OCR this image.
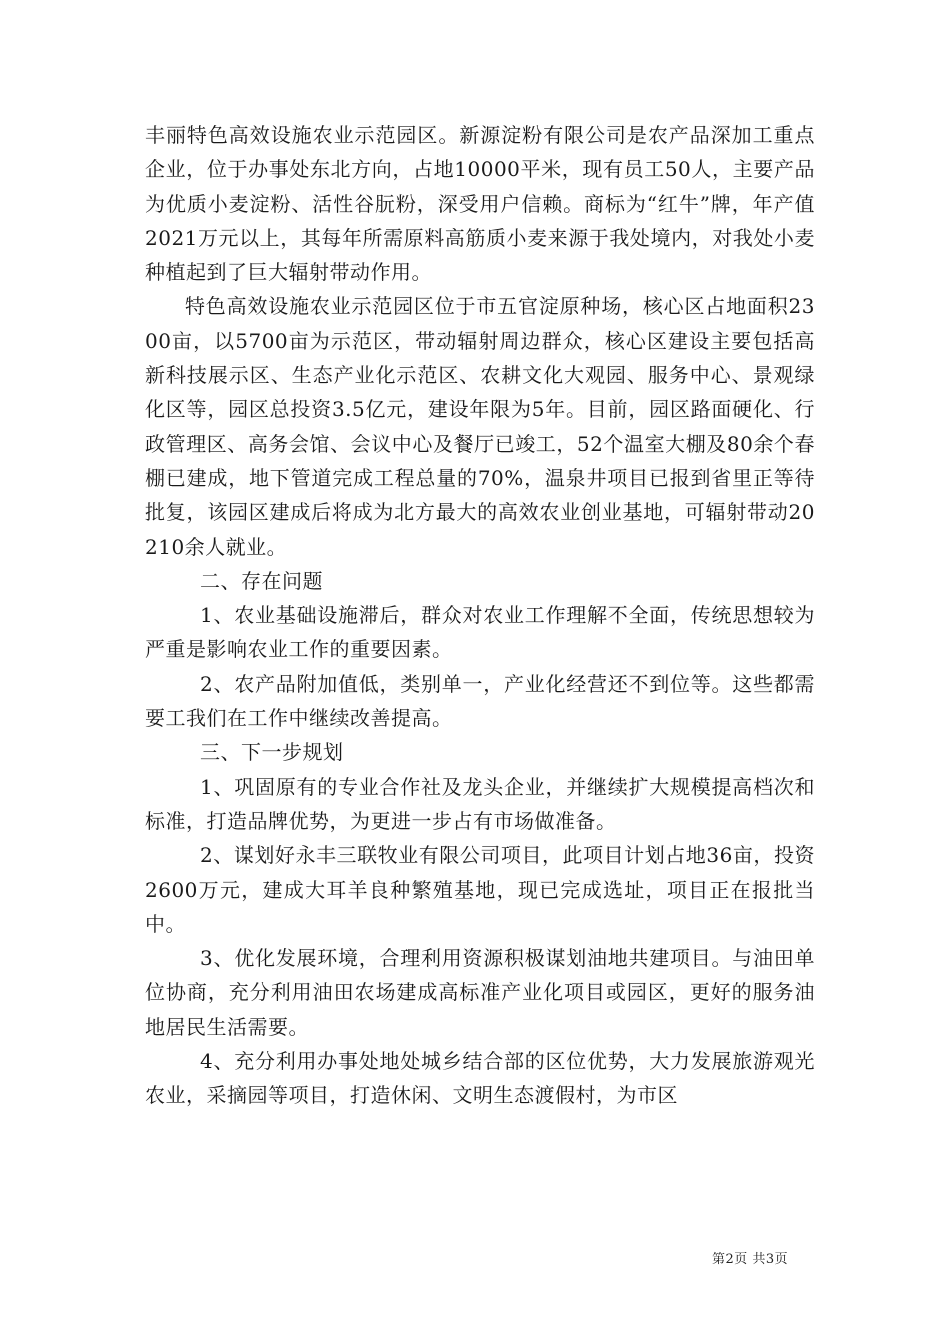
丰丽特色高效设施农业示范园区。新源淀粉有限公司是农产品深加工重点企业，位于办事处东北方向，占地10000平米，现有员工50人，主要产品为优质小麦淀粉、活性谷朊粉，深受用户信赖。商标为“红牛”牌，年产值2021万元以上，其每年所需原料高筋质小麦来源于我处境内，对我处小麦种植起到了巨大辐射带动作用。

特色高效设施农业示范园区位于市五官淀原种场，核心区占地面积2300亩，以5700亩为示范区，带动辐射周边群众，核心区建设主要包括高新科技展示区、生态产业化示范区、农耕文化大观园、服务中心、景观绿化区等，园区总投资3.5亿元，建设年限为5年。目前，园区路面硬化、行政管理区、高务会馆、会议中心及餐厅已竣工，52个温室大棚及80余个春棚已建成，地下管道完成工程总量的70%，温泉井项目已报到省里正等待批复，该园区建成后将成为北方最大的高效农业创业基地，可辐射带动20210余人就业。

二、存在问题

1、农业基础设施滞后，群众对农业工作理解不全面，传统思想较为严重是影响农业工作的重要因素。

2、农产品附加值低，类别单一，产业化经营还不到位等。这些都需要工我们在工作中继续改善提高。

三、下一步规划

1、巩固原有的专业合作社及龙头企业，并继续扩大规模提高档次和标准，打造品牌优势，为更进一步占有市场做准备。

2、谋划好永丰三联牧业有限公司项目，此项目计划占地36亩，投资2600万元，建成大耳羊良种繁殖基地，现已完成选址，项目正在报批当中。

3、优化发展环境，合理利用资源积极谋划油地共建项目。与油田单位协商，充分利用油田农场建成高标准产业化项目或园区，更好的服务油地居民生活需要。

4、充分利用办事处地处城乡结合部的区位优势，大力发展旅游观光农业，采摘园等项目，打造休闲、文明生态渡假村，为市区

第2页 共3页
